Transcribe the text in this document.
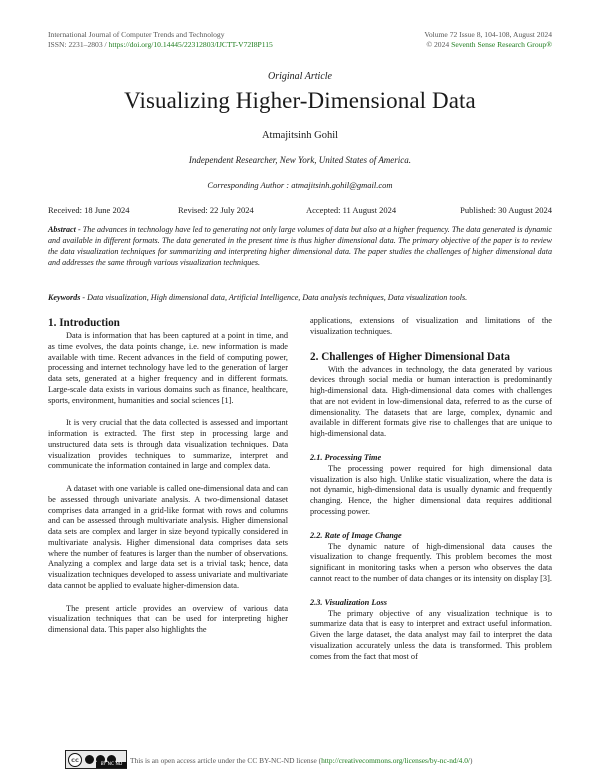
International Journal of Computer Trends and Technology
ISSN: 2231–2803 / https://doi.org/10.14445/22312803/IJCTT-V72I8P115
Volume 72 Issue 8, 104-108, August 2024
© 2024 Seventh Sense Research Group®
Original Article
Visualizing Higher-Dimensional Data
Atmajitsinh Gohil
Independent Researcher, New York, United States of America.
Corresponding Author : atmajitsinh.gohil@gmail.com
Received: 18 June 2024	Revised: 22 July 2024	Accepted: 11 August 2024	Published: 30 August 2024
Abstract - The advances in technology have led to generating not only large volumes of data but also at a higher frequency. The data generated is dynamic and available in different formats. The data generated in the present time is thus higher dimensional data. The primary objective of the paper is to review the data visualization techniques for summarizing and interpreting higher dimensional data. The paper studies the challenges of higher dimensional data and addresses the same through various visualization techniques.
Keywords - Data visualization, High dimensional data, Artificial Intelligence, Data analysis techniques, Data visualization tools.
1. Introduction

Data is information that has been captured at a point in time, and as time evolves, the data points change, i.e. new information is made available with time. Recent advances in the field of computing power, processing and internet technology have led to the generation of larger data sets, generated at a higher frequency and in different formats. Large-scale data exists in various domains such as finance, healthcare, sports, environment, humanities and social sciences [1].

It is very crucial that the data collected is assessed and important information is extracted. The first step in processing large and unstructured data sets is through data visualization techniques. Data visualization provides techniques to summarize, interpret and communicate the information contained in large and complex data.

A dataset with one variable is called one-dimensional data and can be assessed through univariate analysis. A two-dimensional dataset comprises data arranged in a grid-like format with rows and columns and can be assessed through multivariate analysis. Higher dimensional data sets are complex and larger in size beyond typically considered in multivariate analysis. Higher dimensional data comprises data sets where the number of features is larger than the number of observations. Analyzing a complex and large data set is a trivial task; hence, data visualization techniques developed to assess univariate and multivariate data cannot be applied to evaluate higher-dimension data.

The present article provides an overview of various data visualization techniques that can be used for interpreting higher dimensional data. This paper also highlights the

applications, extensions of visualization and limitations of the visualization techniques.

2. Challenges of Higher Dimensional Data

With the advances in technology, the data generated by various devices through social media or human interaction is predominantly high-dimensional data. High-dimensional data comes with challenges that are not evident in low-dimensional data, referred to as the curse of dimensionality. The datasets that are large, complex, dynamic and available in different formats give rise to challenges that are unique to high-dimensional data.

2.1. Processing Time

The processing power required for high dimensional data visualization is also high. Unlike static visualization, where the data is not dynamic, high-dimensional data is usually dynamic and frequently changing. Hence, the higher dimensional data requires additional processing power.

2.2. Rate of Image Change

The dynamic nature of high-dimensional data causes the visualization to change frequently. This problem becomes the most significant in monitoring tasks when a person who observes the data cannot react to the number of data changes or its intensity on display [3].

2.3. Visualization Loss

The primary objective of any visualization technique is to summarize data that is easy to interpret and extract useful information. Given the large dataset, the data analyst may fail to interpret the data visualization accurately unless the data is transformed. This problem comes from the fact that most of

cc
BY NC ND	This is an open access article under the CC BY-NC-ND license (http://creativecommons.org/licenses/by-nc-nd/4.0/)
